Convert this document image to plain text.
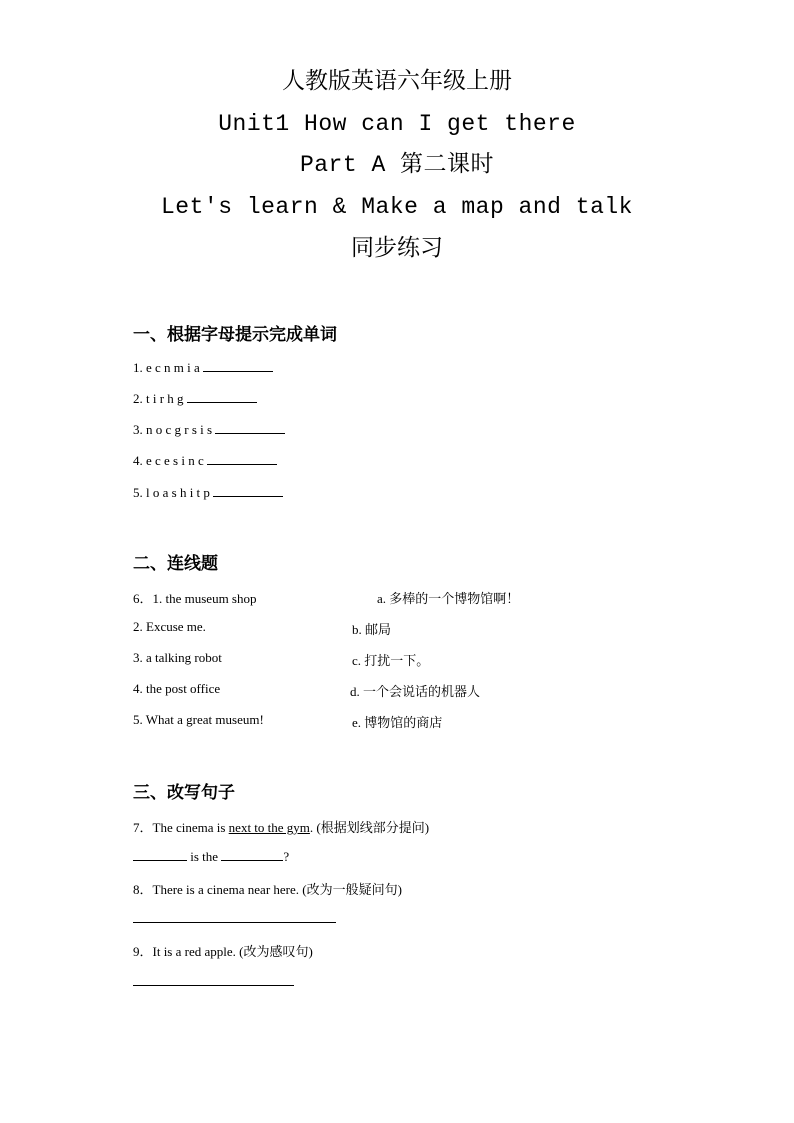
人教版英语六年级上册
Unit1 How can I get there
Part A 第二课时
Let's learn & Make a map and talk
同步练习
一、根据字母提示完成单词
1. e c n m i a
2. t i r h g
3. n o c g r s i s
4. e c e s i n c
5. l o a s h i t p
二、连线题
6．1. the museum shop
2. Excuse me.
3. a talking robot
4. the post office
5. What a great museum!
a. 多棒的一个博物馆啊！
b. 邮局
c. 打扰一下。
d. 一个会说话的机器人
e. 博物馆的商店
三、改写句子
7．The cinema is next to the gym. (根据划线部分提问)
is the	?
8．There is a cinema near here. (改为一般疑问句)
9．It is a red apple. (改为感叹句)
